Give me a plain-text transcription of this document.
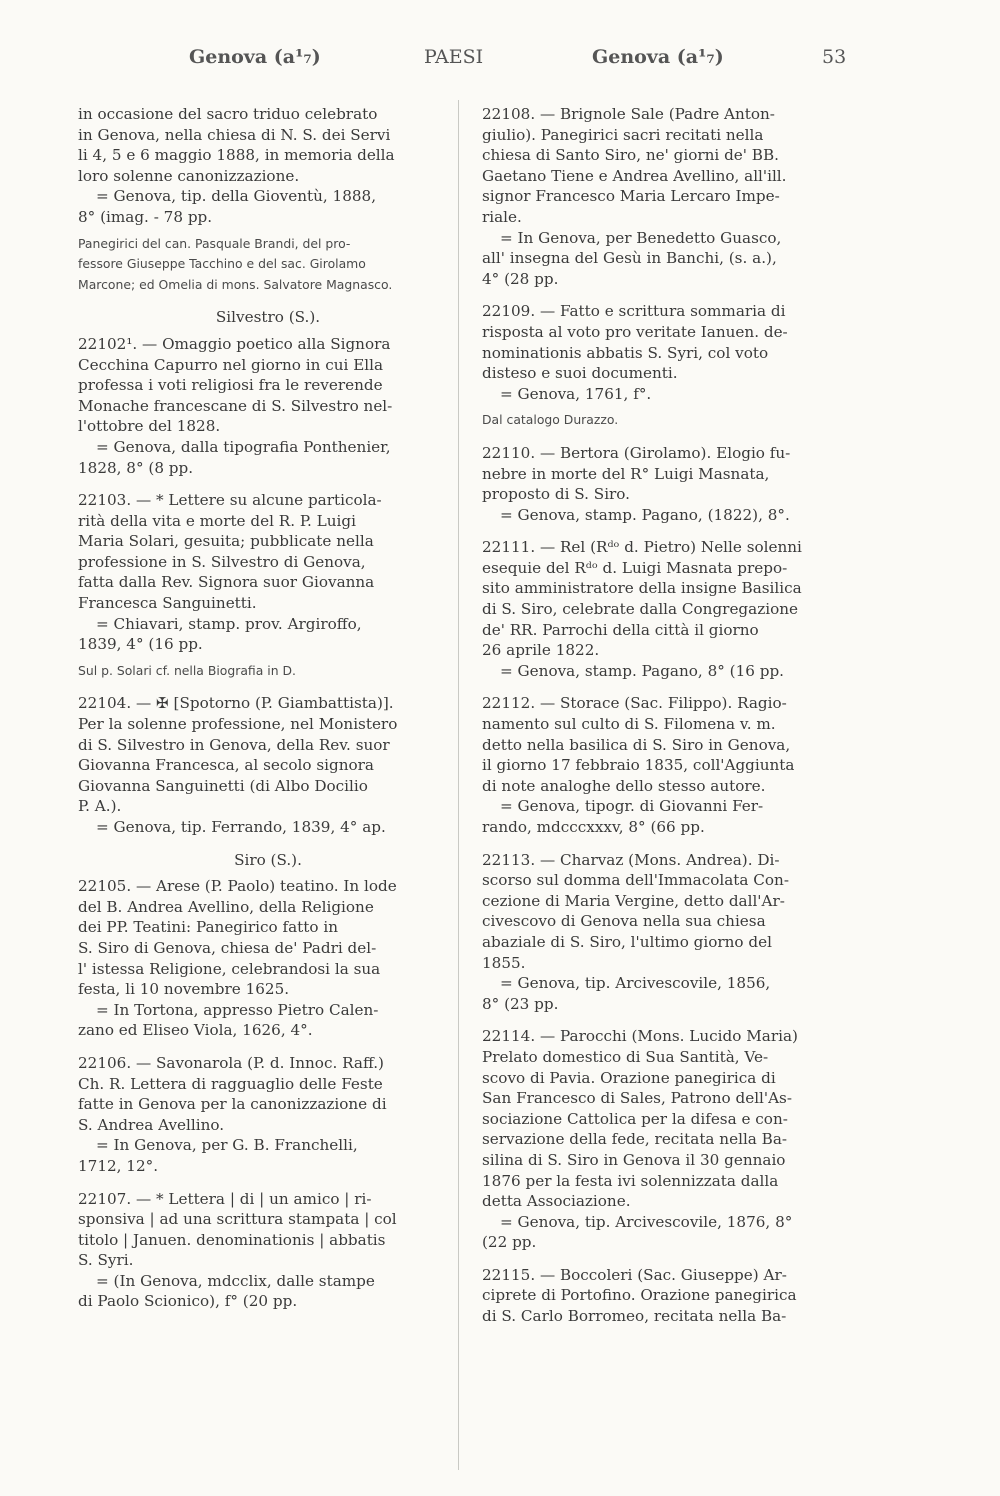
Genova (a¹₇)	PAESI	Genova (a¹₇)	53
in occasione del sacro triduo celebrato
in Genova, nella chiesa di N. S. dei Servi
li 4, 5 e 6 maggio 1888, in memoria della
loro solenne canonizzazione.
= Genova, tip. della Gioventù, 1888,
8° (imag. - 78 pp.
Panegirici del can. Pasquale Brandi, del pro-
fessore Giuseppe Tacchino e del sac. Girolamo
Marcone; ed Omelia di mons. Salvatore Magnasco.
Silvestro (S.).
22102¹. — Omaggio poetico alla Signora
Cecchina Capurro nel giorno in cui Ella
professa i voti religiosi fra le reverende
Monache francescane di S. Silvestro nel-
l'ottobre del 1828.
= Genova, dalla tipografia Ponthenier,
1828, 8° (8 pp.
22103. — * Lettere su alcune particola-
rità della vita e morte del R. P. Luigi
Maria Solari, gesuita; pubblicate nella
professione in S. Silvestro di Genova,
fatta dalla Rev. Signora suor Giovanna
Francesca Sanguinetti.
= Chiavari, stamp. prov. Argiroffo,
1839, 4° (16 pp.
Sul p. Solari cf. nella Biografia in D.
22104. — ✠ [Spotorno (P. Giambattista)].
Per la solenne professione, nel Monistero
di S. Silvestro in Genova, della Rev. suor
Giovanna Francesca, al secolo signora
Giovanna Sanguinetti (di Albo Docilio
P. A.).
= Genova, tip. Ferrando, 1839, 4° ap.
Siro (S.).
22105. — Arese (P. Paolo) teatino. In lode
del B. Andrea Avellino, della Religione
dei PP. Teatini: Panegirico fatto in
S. Siro di Genova, chiesa de' Padri del-
l' istessa Religione, celebrandosi la sua
festa, li 10 novembre 1625.
= In Tortona, appresso Pietro Calen-
zano ed Eliseo Viola, 1626, 4°.
22106. — Savonarola (P. d. Innoc. Raff.)
Ch. R. Lettera di ragguaglio delle Feste
fatte in Genova per la canonizzazione di
S. Andrea Avellino.
= In Genova, per G. B. Franchelli,
1712, 12°.
22107. — * Lettera | di | un amico | ri-
sponsiva | ad una scrittura stampata | col
titolo | Januen. denominationis | abbatis
S. Syri.
= (In Genova, mdcclix, dalle stampe
di Paolo Scionico), f° (20 pp.
22108. — Brignole Sale (Padre Anton-
giulio). Panegirici sacri recitati nella
chiesa di Santo Siro, ne' giorni de' BB.
Gaetano Tiene e Andrea Avellino, all'ill.
signor Francesco Maria Lercaro Impe-
riale.
= In Genova, per Benedetto Guasco,
all' insegna del Gesù in Banchi, (s. a.),
4° (28 pp.
22109. — Fatto e scrittura sommaria di
risposta al voto pro veritate Ianuen. de-
nominationis abbatis S. Syri, col voto
disteso e suoi documenti.
= Genova, 1761, f°.
Dal catalogo Durazzo.
22110. — Bertora (Girolamo). Elogio fu-
nebre in morte del R° Luigi Masnata,
proposto di S. Siro.
= Genova, stamp. Pagano, (1822), 8°.
22111. — Rel (Rᵈᵒ d. Pietro) Nelle solenni
esequie del Rᵈᵒ d. Luigi Masnata prepo-
sito amministratore della insigne Basilica
di S. Siro, celebrate dalla Congregazione
de' RR. Parrochi della città il giorno
26 aprile 1822.
= Genova, stamp. Pagano, 8° (16 pp.
22112. — Storace (Sac. Filippo). Ragio-
namento sul culto di S. Filomena v. m.
detto nella basilica di S. Siro in Genova,
il giorno 17 febbraio 1835, coll'Aggiunta
di note analoghe dello stesso autore.
= Genova, tipogr. di Giovanni Fer-
rando, mdcccxxxv, 8° (66 pp.
22113. — Charvaz (Mons. Andrea). Di-
scorso sul domma dell'Immacolata Con-
cezione di Maria Vergine, detto dall'Ar-
civescovo di Genova nella sua chiesa
abaziale di S. Siro, l'ultimo giorno del
1855.
= Genova, tip. Arcivescovile, 1856,
8° (23 pp.
22114. — Parocchi (Mons. Lucido Maria)
Prelato domestico di Sua Santità, Ve-
scovo di Pavia. Orazione panegirica di
San Francesco di Sales, Patrono dell'As-
sociazione Cattolica per la difesa e con-
servazione della fede, recitata nella Ba-
silina di S. Siro in Genova il 30 gennaio
1876 per la festa ivi solennizzata dalla
detta Associazione.
= Genova, tip. Arcivescovile, 1876, 8°
(22 pp.
22115. — Boccoleri (Sac. Giuseppe) Ar-
ciprete di Portofino. Orazione panegirica
di S. Carlo Borromeo, recitata nella Ba-
